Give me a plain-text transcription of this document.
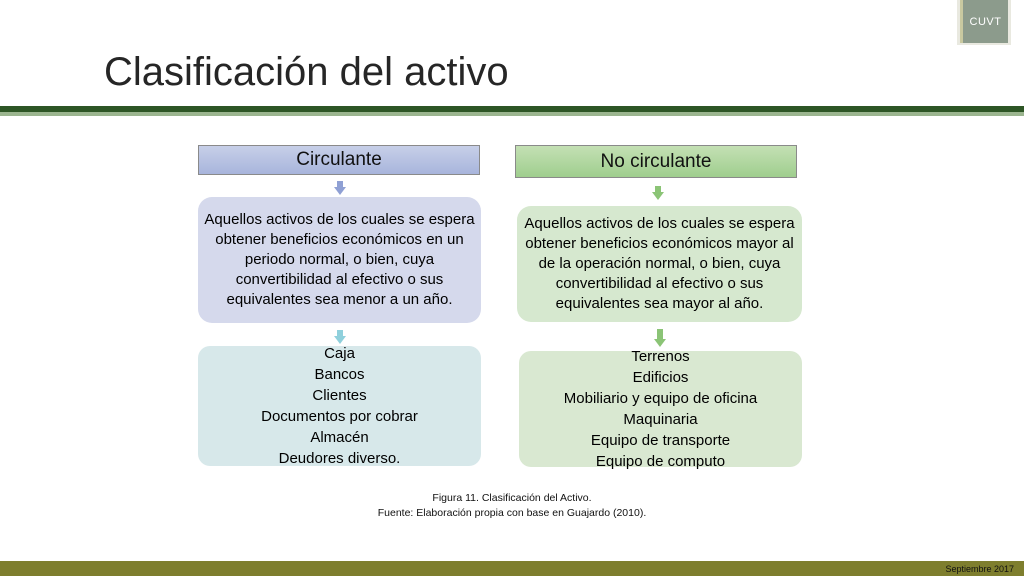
CUVT
Clasificación del activo
Circulante
Aquellos activos de los cuales se espera obtener beneficios económicos en un periodo normal, o bien, cuya convertibilidad al efectivo o sus equivalentes sea menor a un año.
Caja
Bancos
Clientes
Documentos por cobrar
Almacén
Deudores diverso.
No circulante
Aquellos activos de los cuales se espera obtener beneficios económicos mayor al de la operación normal, o bien, cuya convertibilidad al efectivo o sus equivalentes sea mayor al año.
Terrenos
Edificios
Mobiliario y equipo de oficina
Maquinaria
Equipo de transporte
Equipo de computo
Figura 11. Clasificación del Activo.
Fuente: Elaboración propia con base en Guajardo (2010).
Septiembre 2017
